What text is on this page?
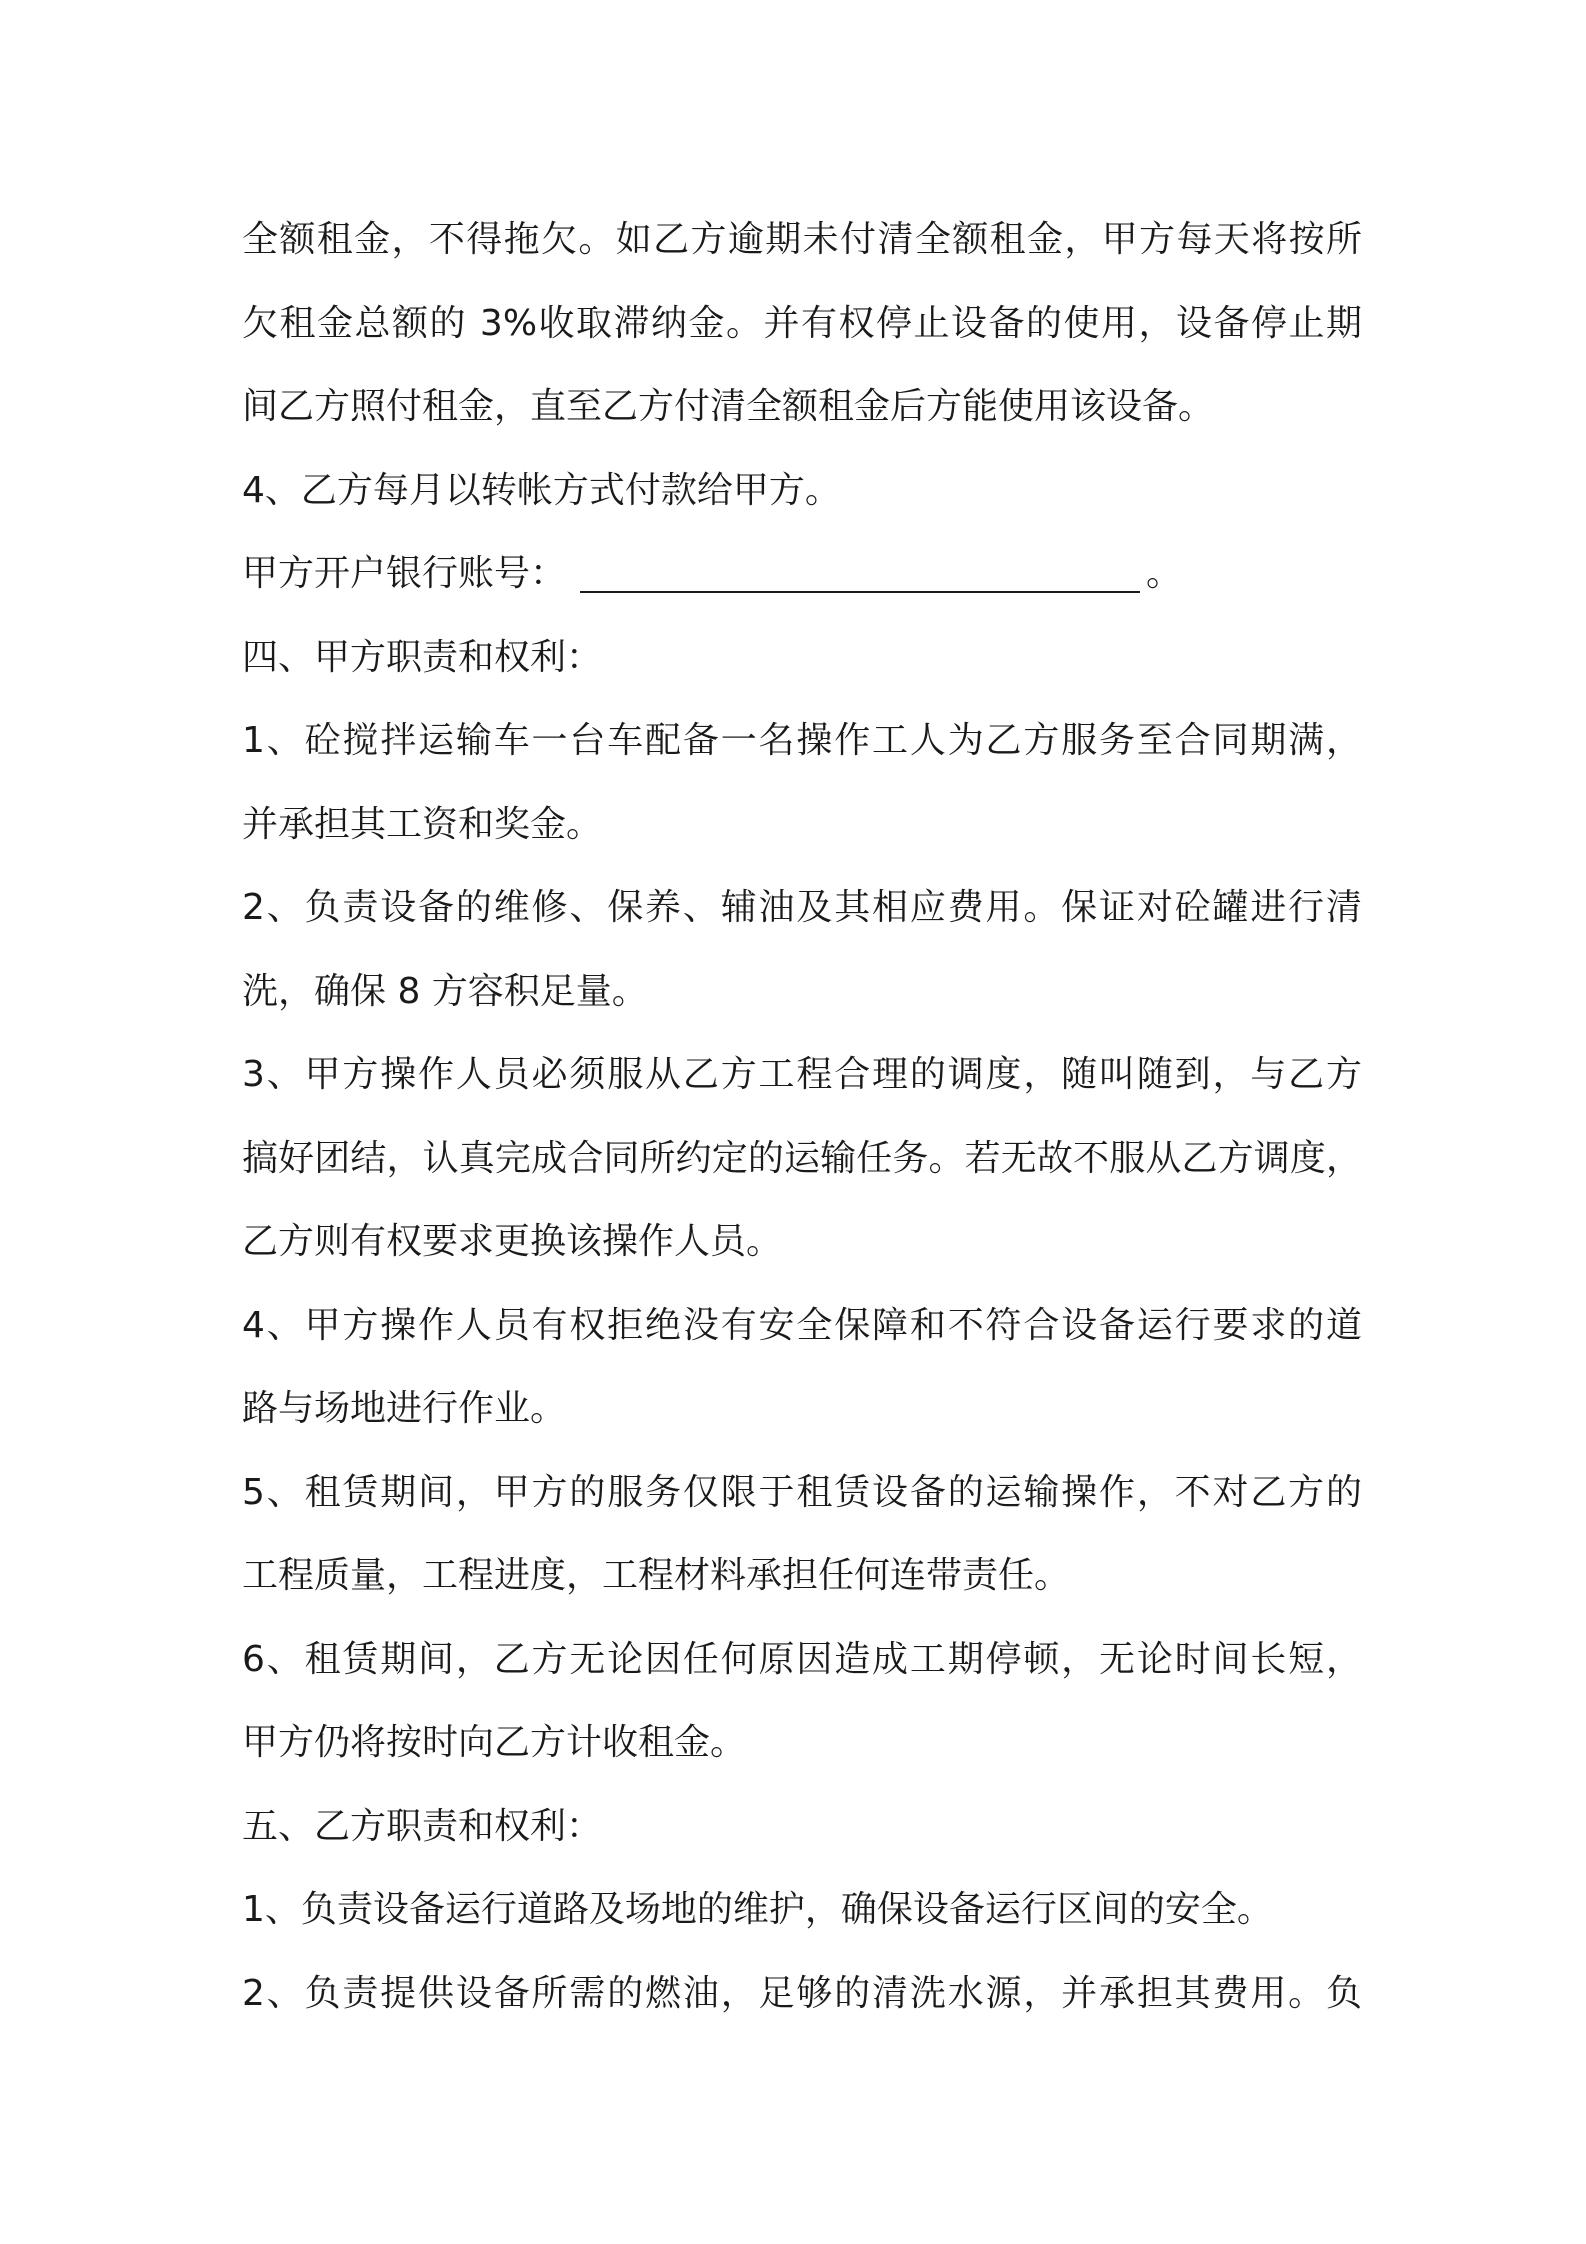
全额租金，不得拖欠。如乙方逾期未付清全额租金，甲方每天将按所
欠租金总额的 3%收取滞纳金。并有权停止设备的使用，设备停止期
间乙方照付租金，直至乙方付清全额租金后方能使用该设备。
4、乙方每月以转帐方式付款给甲方。
甲方开户银行账号：	。
四、甲方职责和权利：
1、砼搅拌运输车一台车配备一名操作工人为乙方服务至合同期满，
并承担其工资和奖金。
2、负责设备的维修、保养、辅油及其相应费用。保证对砼罐进行清
洗，确保 8 方容积足量。
3、甲方操作人员必须服从乙方工程合理的调度，随叫随到，与乙方
搞好团结，认真完成合同所约定的运输任务。若无故不服从乙方调度，
乙方则有权要求更换该操作人员。
4、甲方操作人员有权拒绝没有安全保障和不符合设备运行要求的道
路与场地进行作业。
5、租赁期间，甲方的服务仅限于租赁设备的运输操作，不对乙方的
工程质量，工程进度，工程材料承担任何连带责任。
6、租赁期间，乙方无论因任何原因造成工期停顿，无论时间长短，
甲方仍将按时向乙方计收租金。
五、乙方职责和权利：
1、负责设备运行道路及场地的维护，确保设备运行区间的安全。
2、负责提供设备所需的燃油，足够的清洗水源，并承担其费用。负
